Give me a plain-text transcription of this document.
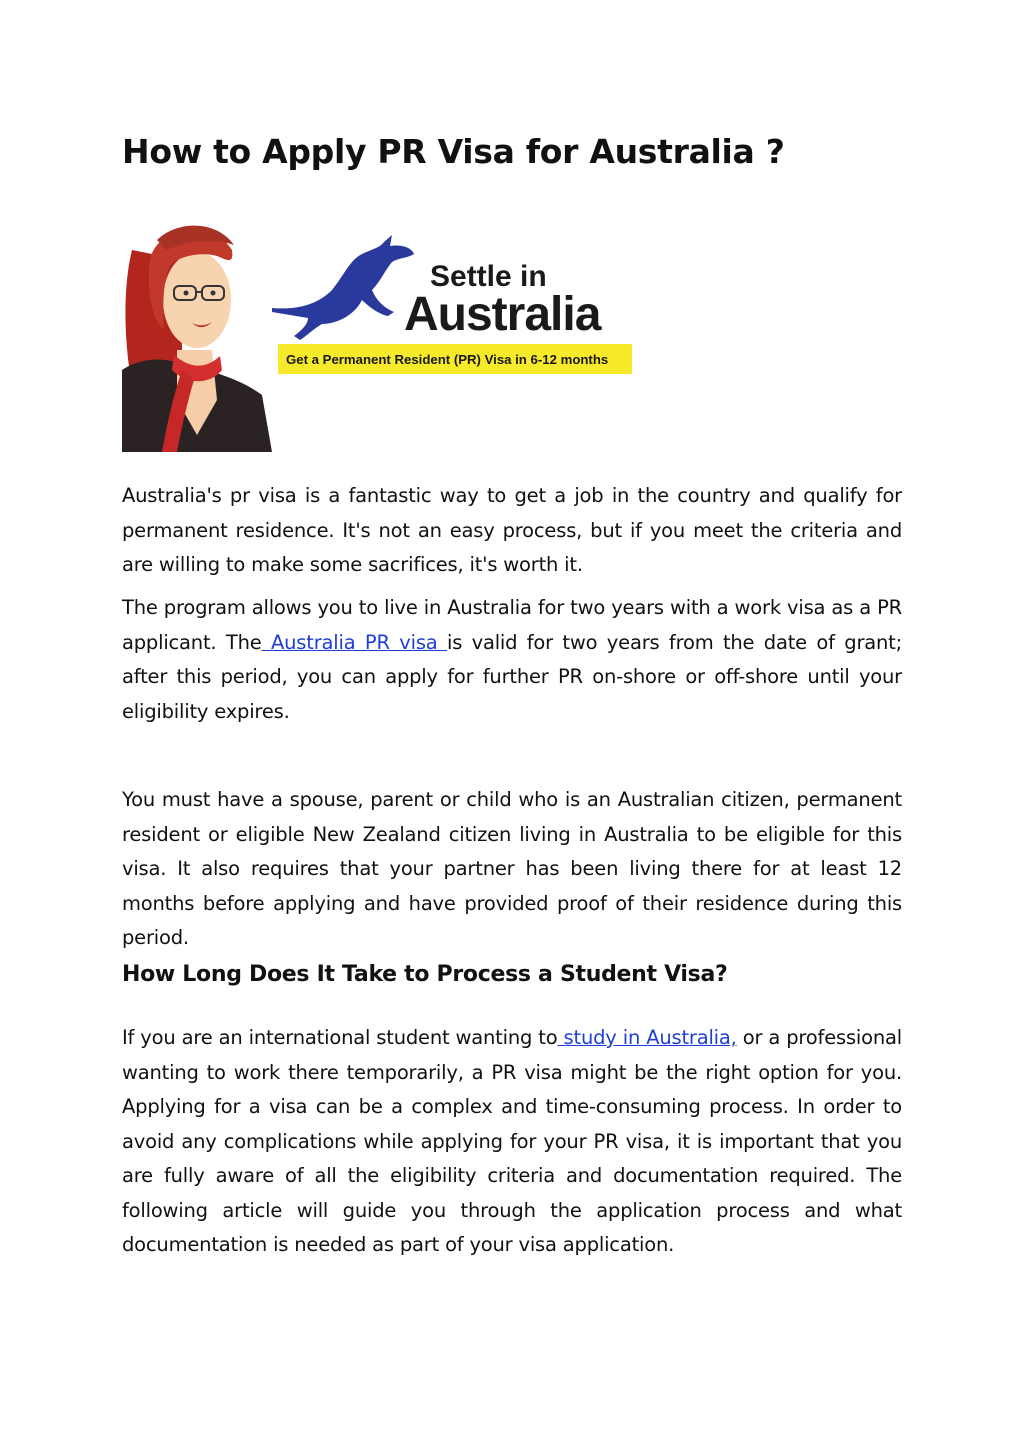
How to Apply PR Visa for Australia ?
Settle in
Australia
Get a Permanent Resident (PR) Visa in 6-12 months

Australia's pr visa is a fantastic way to get a job in the country and qualify for permanent residence. It's not an easy process, but if you meet the criteria and are willing to make some sacrifices, it's worth it.

The program allows you to live in Australia for two years with a work visa as a PR applicant. The Australia PR visa is valid for two years from the date of grant; after this period, you can apply for further PR on-shore or off-shore until your eligibility expires.

You must have a spouse, parent or child who is an Australian citizen, permanent resident or eligible New Zealand citizen living in Australia to be eligible for this visa. It also requires that your partner has been living there for at least 12 months before applying and have provided proof of their residence during this period.

How Long Does It Take to Process a Student Visa?

If you are an international student wanting to study in Australia, or a professional wanting to work there temporarily, a PR visa might be the right option for you. Applying for a visa can be a complex and time-consuming process. In order to avoid any complications while applying for your PR visa, it is important that you are fully aware of all the eligibility criteria and documentation required. The following article will guide you through the application process and what documentation is needed as part of your visa application.
